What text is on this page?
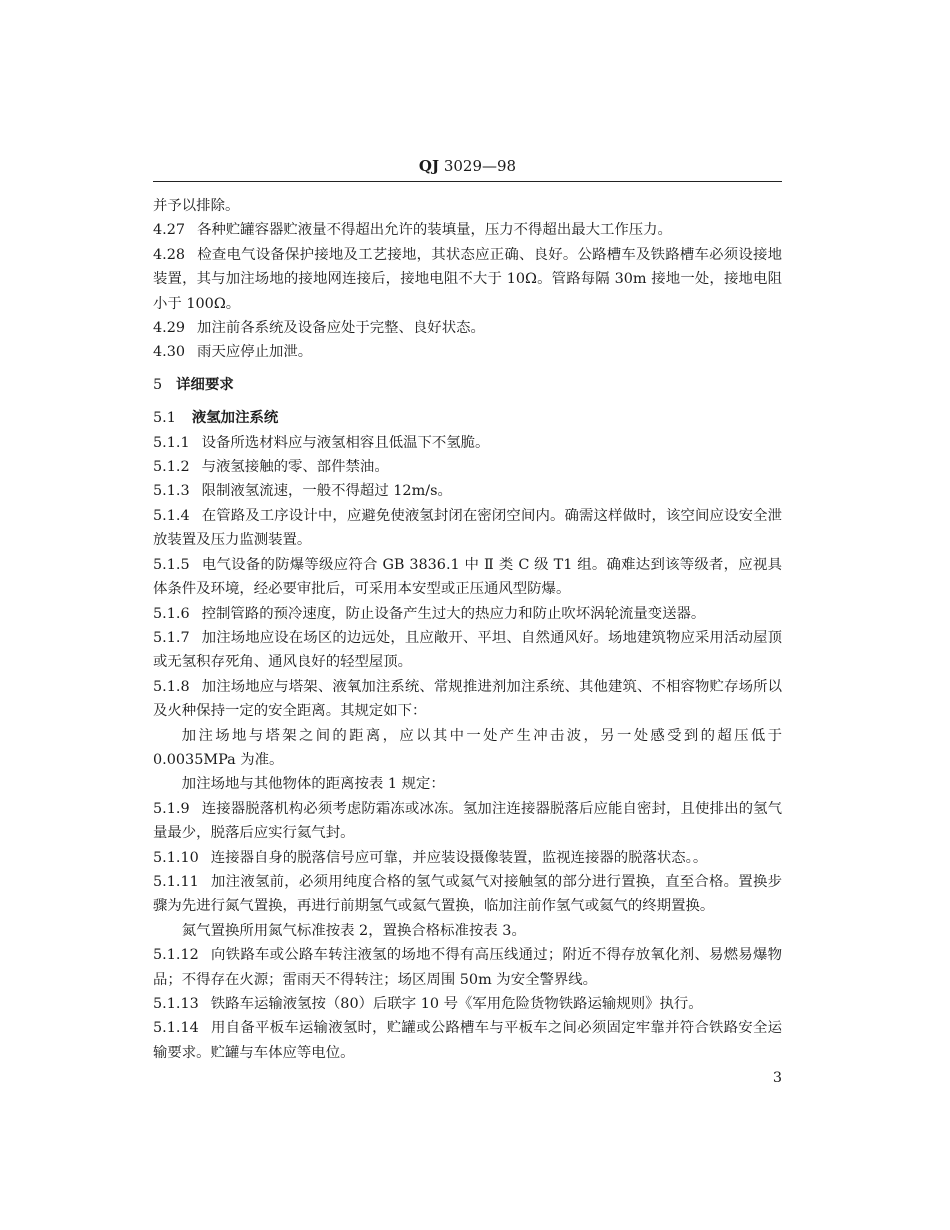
QJ 3029—98

并予以排除。

4.27 各种贮罐容器贮液量不得超出允许的装填量，压力不得超出最大工作压力。

4.28 检查电气设备保护接地及工艺接地，其状态应正确、良好。公路槽车及铁路槽车必须设接地装置，其与加注场地的接地网连接后，接地电阻不大于 10Ω。管路每隔 30m 接地一处，接地电阻小于 100Ω。

4.29 加注前各系统及设备应处于完整、良好状态。

4.30 雨天应停止加泄。

5 详细要求

5.1 液氢加注系统

5.1.1 设备所选材料应与液氢相容且低温下不氢脆。

5.1.2 与液氢接触的零、部件禁油。

5.1.3 限制液氢流速，一般不得超过 12m/s。

5.1.4 在管路及工序设计中，应避免使液氢封闭在密闭空间内。确需这样做时，该空间应设安全泄放装置及压力监测装置。

5.1.5 电气设备的防爆等级应符合 GB 3836.1 中 Ⅱ 类 C 级 T1 组。确难达到该等级者，应视具体条件及环境，经必要审批后，可采用本安型或正压通风型防爆。

5.1.6 控制管路的预冷速度，防止设备产生过大的热应力和防止吹坏涡轮流量变送器。

5.1.7 加注场地应设在场区的边远处，且应敞开、平坦、自然通风好。场地建筑物应采用活动屋顶或无氢积存死角、通风良好的轻型屋顶。

5.1.8 加注场地应与塔架、液氧加注系统、常规推进剂加注系统、其他建筑、不相容物贮存场所以及火种保持一定的安全距离。其规定如下：

加注场地与塔架之间的距离，应以其中一处产生冲击波，另一处感受到的超压低于 0.0035MPa 为准。

加注场地与其他物体的距离按表 1 规定：

5.1.9 连接器脱落机构必须考虑防霜冻或冰冻。氢加注连接器脱落后应能自密封，且使排出的氢气量最少，脱落后应实行氦气封。

5.1.10 连接器自身的脱落信号应可靠，并应装设摄像装置，监视连接器的脱落状态。。

5.1.11 加注液氢前，必须用纯度合格的氢气或氦气对接触氢的部分进行置换，直至合格。置换步骤为先进行氮气置换，再进行前期氢气或氦气置换，临加注前作氢气或氦气的终期置换。

氮气置换所用氮气标准按表 2，置换合格标准按表 3。

5.1.12 向铁路车或公路车转注液氢的场地不得有高压线通过；附近不得存放氧化剂、易燃易爆物品；不得存在火源；雷雨天不得转注；场区周围 50m 为安全警界线。

5.1.13 铁路车运输液氢按（80）后联字 10 号《军用危险货物铁路运输规则》执行。

5.1.14 用自备平板车运输液氢时，贮罐或公路槽车与平板车之间必须固定牢靠并符合铁路安全运输要求。贮罐与车体应等电位。

3
